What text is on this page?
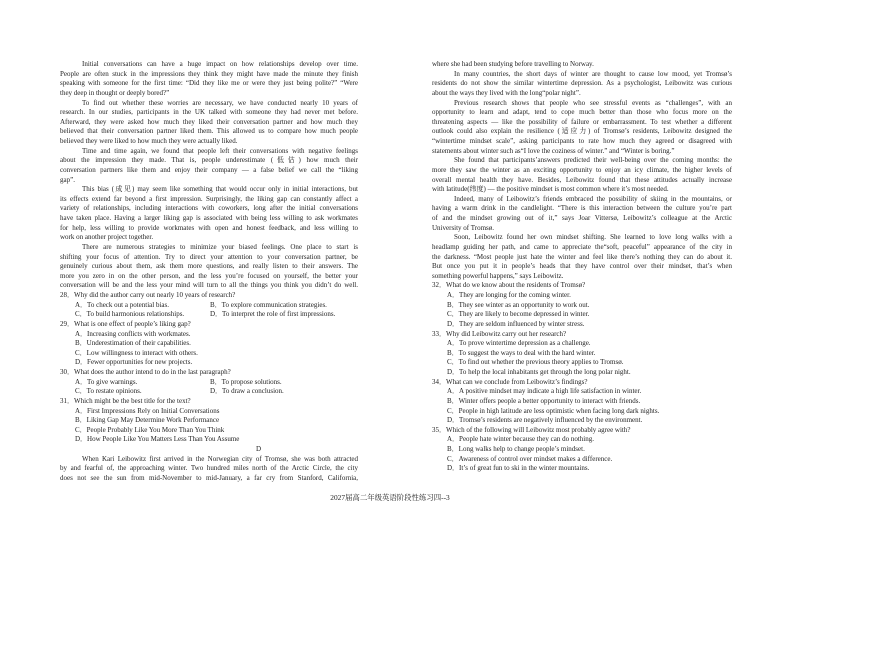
Initial conversations can have a huge impact on how relationships develop over time.
People are often stuck in the impressions they think they might have made the minute they finish
speaking with someone for the first time: “Did they like me or were they just being polite?” “Were
they deep in thought or deeply bored?”
To find out whether these worries are necessary, we have conducted nearly 10 years of
research. In our studies, participants in the UK talked with someone they had never met before.
Afterward, they were asked how much they liked their conversation partner and how much they
believed that their conversation partner liked them. This allowed us to compare how much people
believed they were liked to how much they were actually liked.
Time and time again, we found that people left their conversations with negative feelings
about the impression they made. That is, people underestimate (低估) how much their
conversation partners like them and enjoy their company — a false belief we call the “liking
gap”.
This bias (成见) may seem like something that would occur only in initial interactions, but
its effects extend far beyond a first impression. Surprisingly, the liking gap can constantly affect a
variety of relationships, including interactions with coworkers, long after the initial conversations
have taken place. Having a larger liking gap is associated with being less willing to ask workmates
for help, less willing to provide workmates with open and honest feedback, and less willing to
work on another project together.
There are numerous strategies to minimize your biased feelings. One place to start is
shifting your focus of attention. Try to direct your attention to your conversation partner, be
genuinely curious about them, ask them more questions, and really listen to their answers. The
more you zero in on the other person, and the less you’re focused on yourself, the better your
conversation will be and the less your mind will turn to all the things you think you didn’t do well.
28．Why did the author carry out nearly 10 years of research?
A．To check out a potential bias.	B．To explore communication strategies.
C．To build harmonious relationships.	D．To interpret the role of first impressions.
29．What is one effect of people’s liking gap?
A．Increasing conflicts with workmates.
B．Underestimation of their capabilities.
C．Low willingness to interact with others.
D．Fewer opportunities for new projects.
30．What does the author intend to do in the last paragraph?
A．To give warnings.	B．To propose solutions.
C．To restate opinions.	D．To draw a conclusion.
31．Which might be the best title for the text?
A．First Impressions Rely on Initial Conversations
B．Liking Gap May Determine Work Performance
C．People Probably Like You More Than You Think
D．How People Like You Matters Less Than You Assume
D
When Kari Leibowitz first arrived in the Norwegian city of Tromsø, she was both attracted
by and fearful of, the approaching winter. Two hundred miles north of the Arctic Circle, the city
does not see the sun from mid-November to mid-January, a far cry from Stanford, California,
where she had been studying before travelling to Norway.
In many countries, the short days of winter are thought to cause low mood, yet Tromsø’s
residents do not show the similar wintertime depression. As a psychologist, Leibowitz was curious
about the ways they lived with the long“polar night”.
Previous research shows that people who see stressful events as “challenges”, with an
opportunity to learn and adapt, tend to cope much better than those who focus more on the
threatening aspects — like the possibility of failure or embarrassment. To test whether a different
outlook could also explain the resilience (适应力) of Tromsø’s residents, Leibowitz designed the
“wintertime mindset scale”, asking participants to rate how much they agreed or disagreed with
statements about winter such as“I love the coziness of winter.” and “Winter is boring.”
She found that participants’answers predicted their well-being over the coming months: the
more they saw the winter as an exciting opportunity to enjoy an icy climate, the higher levels of
overall mental health they have. Besides, Leibowitz found that these attitudes actually increase
with latitude(纬度) — the positive mindset is most common where it’s most needed.
Indeed, many of Leibowitz’s friends embraced the possibility of skiing in the mountains, or
having a warm drink in the candlelight. “There is this interaction between the culture you’re part
of and the mindset growing out of it,” says Joar Vittersø, Leibowitz’s colleague at the Arctic
University of Tromsø.
Soon, Leibowitz found her own mindset shifting. She learned to love long walks with a
headlamp guiding her path, and came to appreciate the“soft, peaceful” appearance of the city in
the darkness. “Most people just hate the winter and feel like there’s nothing they can do about it.
But once you put it in people’s heads that they have control over their mindset, that’s when
something powerful happens,” says Leibowitz.
32．What do we know about the residents of Tromsø?
A．They are longing for the coming winter.
B．They see winter as an opportunity to work out.
C．They are likely to become depressed in winter.
D．They are seldom influenced by winter stress.
33．Why did Leibowitz carry out her research?
A．To prove wintertime depression as a challenge.
B．To suggest the ways to deal with the hard winter.
C．To find out whether the previous theory applies to Tromsø.
D．To help the local inhabitants get through the long polar night.
34．What can we conclude from Leibowitz’s findings?
A．A positive mindset may indicate a high life satisfaction in winter.
B．Winter offers people a better opportunity to interact with friends.
C．People in high latitude are less optimistic when facing long dark nights.
D．Tromsø’s residents are negatively influenced by the environment.
35．Which of the following will Leibowitz most probably agree with?
A．People hate winter because they can do nothing.
B．Long walks help to change people’s mindset.
C．Awareness of control over mindset makes a difference.
D．It’s of great fun to ski in the winter mountains.
2027届高二年级英语阶段性练习四--3
